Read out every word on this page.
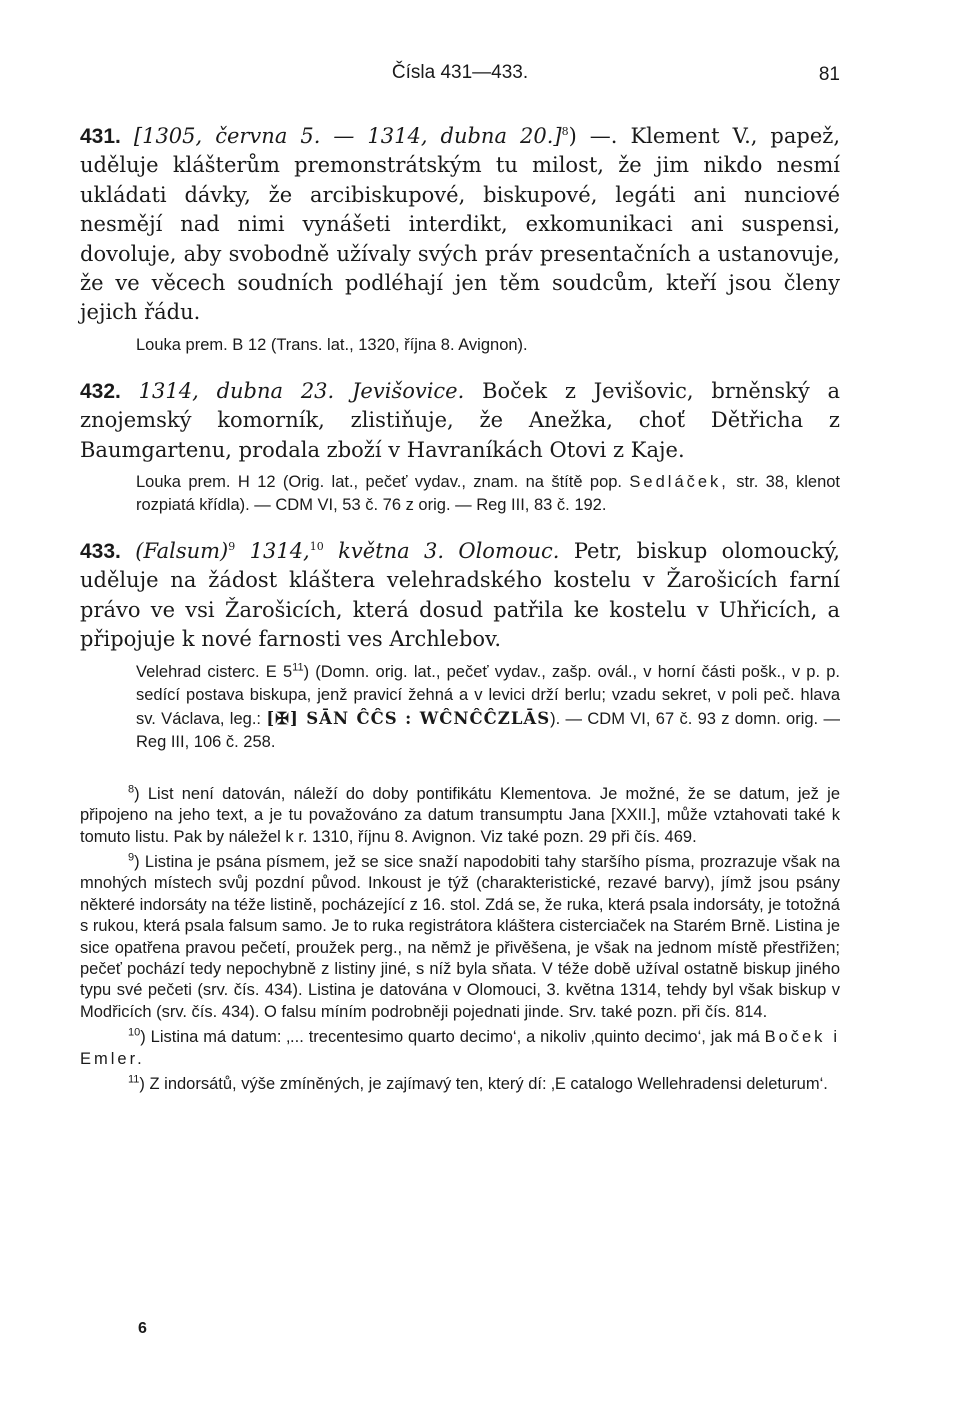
Čísla 431—433.	81

431. [1305, června 5. — 1314, dubna 20.]$^8$) —. Klement V., papež, uděluje klášterům premonstrátským tu milost, že jim nikdo nesmí ukládati dávky, že arcibiskupové, biskupové, legáti ani nunciové nesmějí nad nimi vynášeti interdikt, exkomunikaci ani suspensi, dovoluje, aby svobodně užívaly svých práv presentačních a ustanovuje, že ve věcech soudních podléhají jen těm soudcům, kteří jsou členy jejich řádu.

Louka prem. B 12 (Trans. lat., 1320, října 8. Avignon).

432. 1314, dubna 23. Jevišovice. Boček z Jevišovic, brněnský a znojemský komorník, zlistiňuje, že Anežka, choť Dětřicha z Baumgartenu, prodala zboží v Havraníkách Otovi z Kaje.

Louka prem. H 12 (Orig. lat., pečeť vydav., znam. na štítě pop. Sedláček, str. 38, klenot rozpiatá křídla). — CDM VI, 53 č. 76 z orig. — Reg III, 83 č. 192.

433. (Falsum)$^9$ 1314,10 května 3. Olomouc. Petr, biskup olomoucký, uděluje na žádost kláštera velehradského kostelu v Žarošicích farní právo ve vsi Žarošicích, která dosud patřila ke kostelu v Uhřicích, a připojuje k nové farnosti ves Archlebov.

Velehrad cisterc. E $5^{11}$) (Domn. orig. lat., pečeť vydav., zašp. ovál., v horní části pošk., v p. p. sedící postava biskupa, jenž pravicí žehná a v levici drží berlu; vzadu sekret, v poli peč. hlava sv. Václava, leg.: [✠] SĀN ĈĈS : WĈNĈĈZLĀS). — CDM VI, 67 č. 93 z domn. orig. — Reg III, 106 č. 258.

$^8$) List není datován, náleží do doby pontifikátu Klementova. Je možné, že se datum, jež je připojeno na jeho text, a je tu považováno za datum transumptu Jana [XXII.], může vztahovati také k tomuto listu. Pak by náležel k r. 1310, říjnu 8. Avignon. Viz také pozn. 29 při čís. 469.

$^9$) Listina je psána písmem, jež se sice snaží napodobiti tahy staršího písma, prozrazuje však na mnohých místech svůj pozdní původ. Inkoust je týž (charakteristické, rezavé barvy), jímž jsou psány některé indorsáty na téže listině, pocházející z 16. stol. Zdá se, že ruka, která psala indorsáty, je totožná s rukou, která psala falsum samo. Je to ruka registrátora kláštera cisterciaček na Starém Brně. Listina je sice opatřena pravou pečetí, proužek perg., na němž je přivěšena, je však na jednom místě přestřižen; pečeť pochází tedy nepochybně z listiny jiné, s níž byla sňata. V téže době užíval ostatně biskup jiného typu své pečeti (srv. čís. 434). Listina je datována v Olomouci, 3. května 1314, tehdy byl však biskup v Modřicích (srv. čís. 434). O falsu míním podrobněji pojednati jinde. Srv. také pozn. při čís. 814.

$^{10}$) Listina má datum: ‚... trecentesimo quarto decimo‘, a nikoliv ‚quinto decimo‘, jak má Boček i Emler.

$^{11}$) Z indorsátů, výše zmíněných, je zajímavý ten, který dí: ‚E catalogo Wellehradensi deleturum‘.

6
